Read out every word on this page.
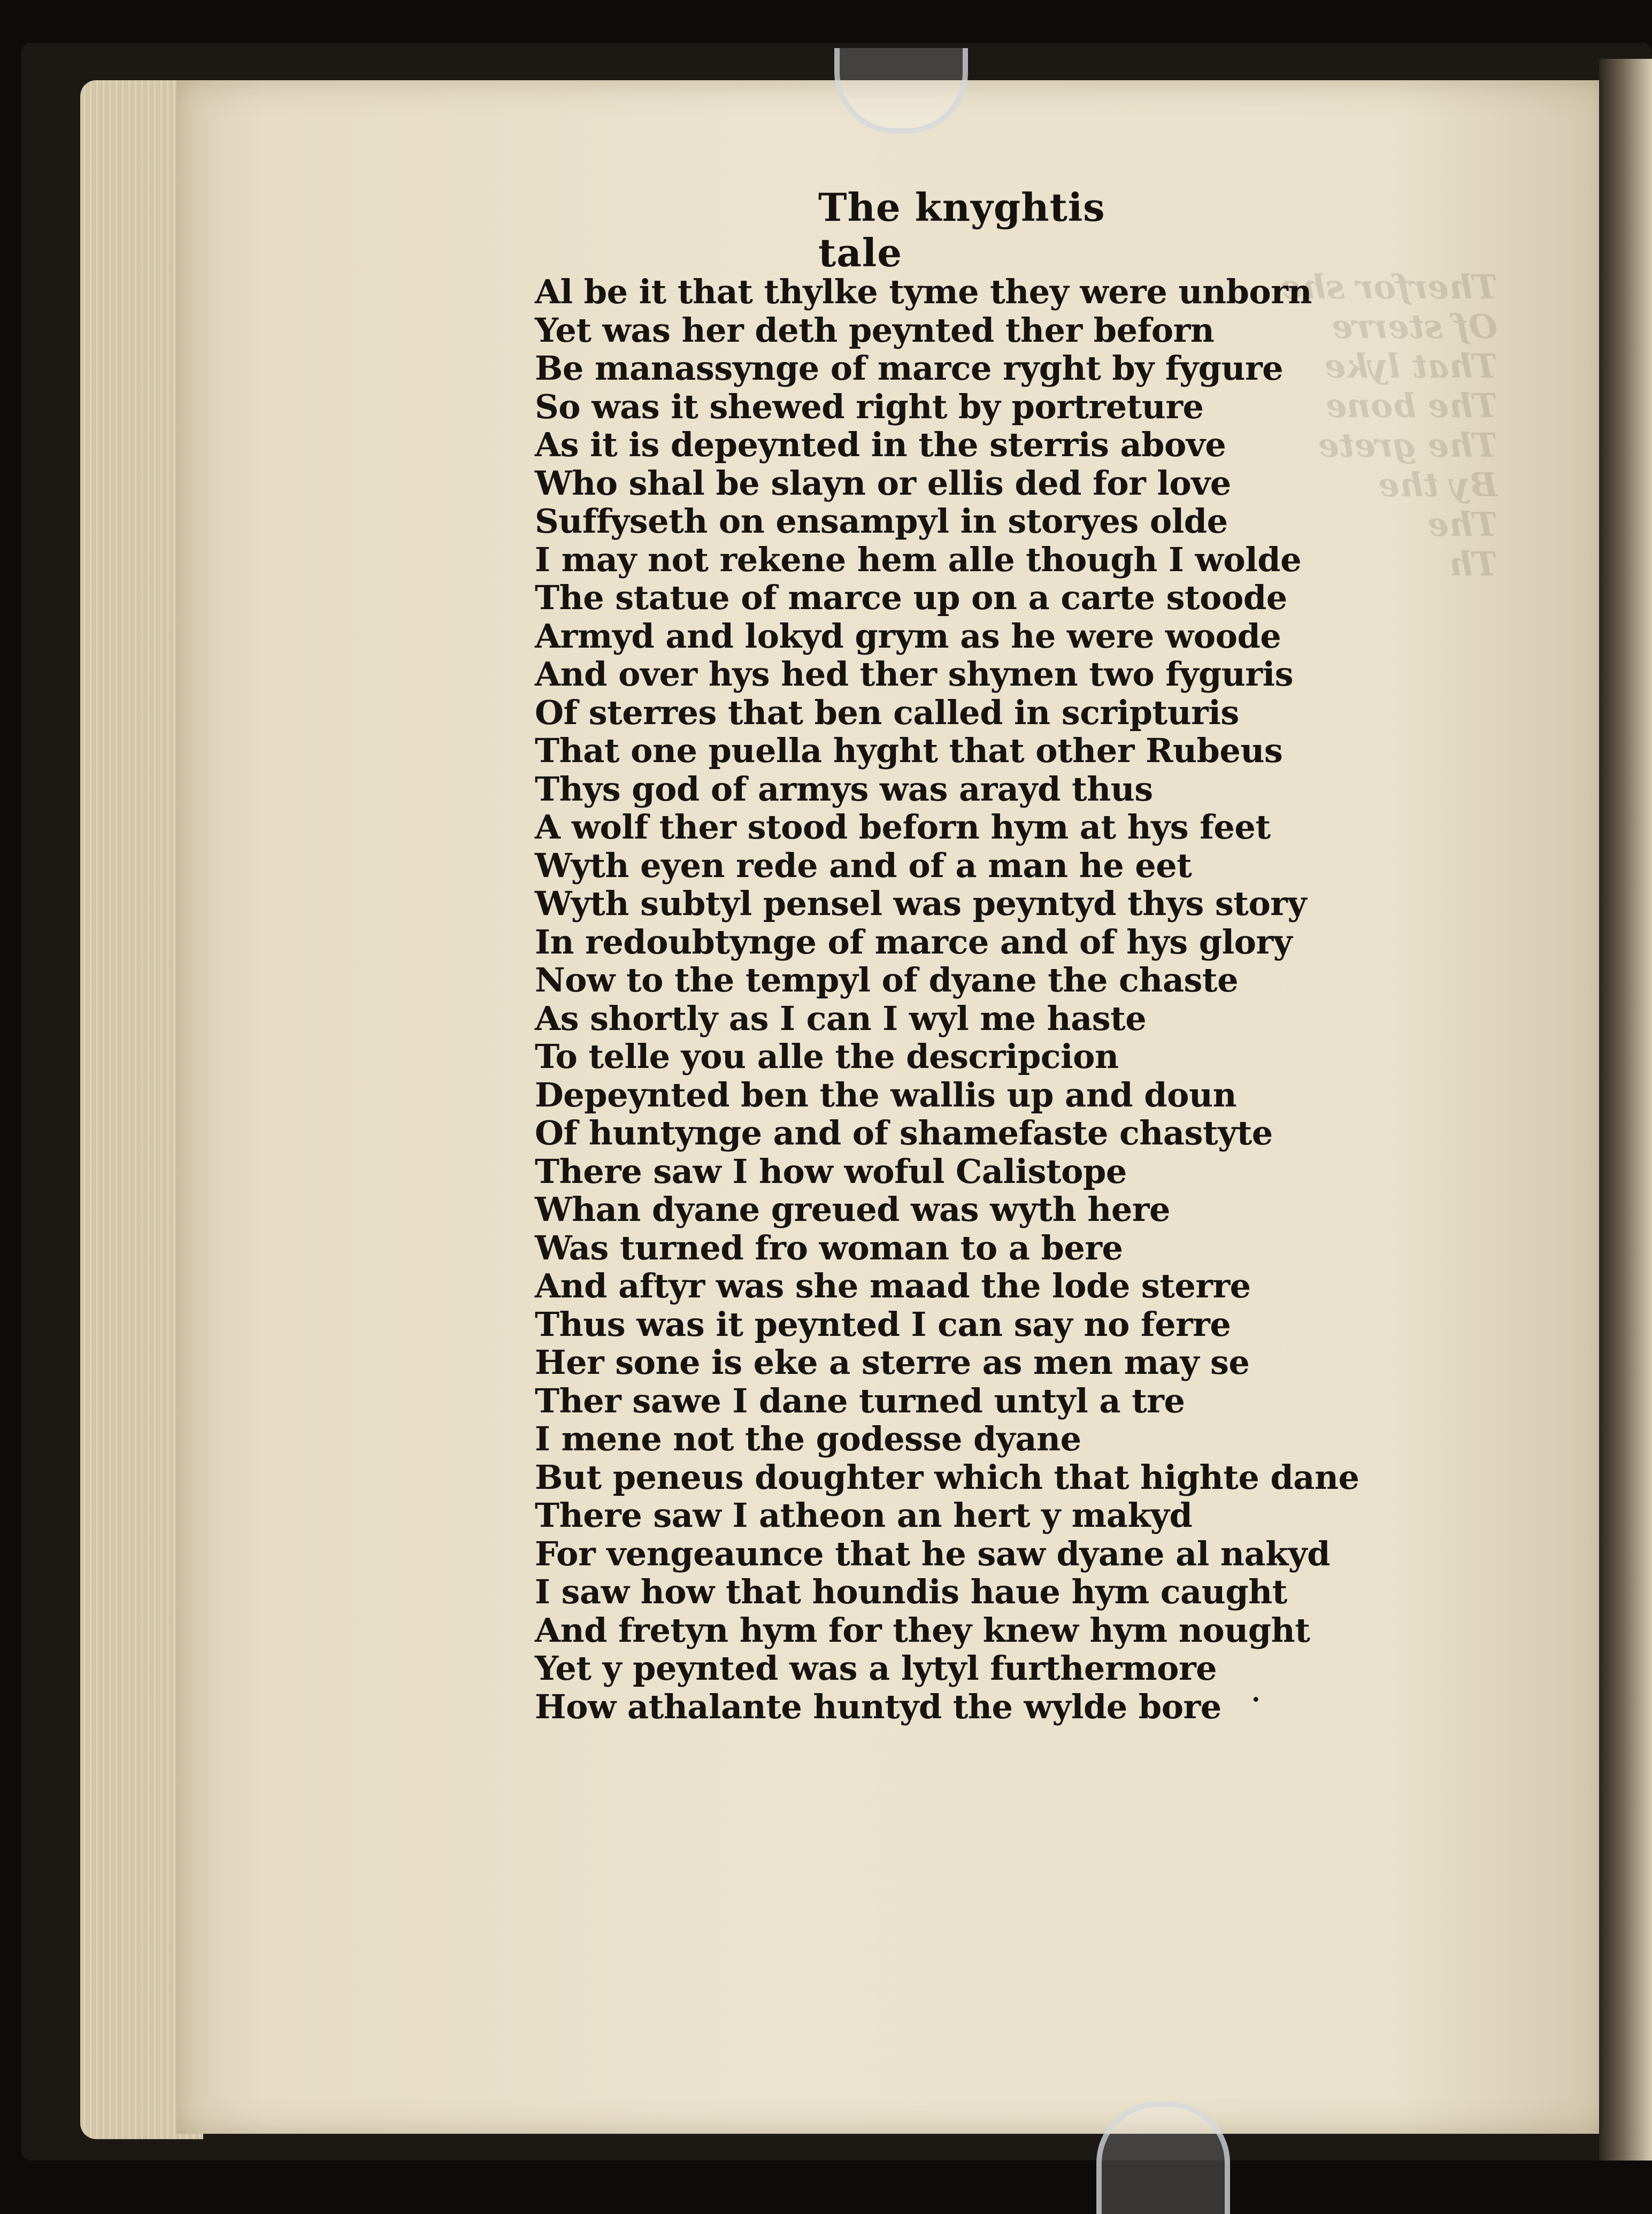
Therfor she
Of sterre
That lyke
The bone
The grete
By the
The
Th
The knyghtis tale
Al be it that thylke tyme they were unborn
Yet was her deth peynted ther beforn
Be manassynge of marce ryght by fygure
So was it shewed right by portreture
As it is depeynted in the sterris above
Who shal be slayn or ellis ded for love
Suffyseth on ensampyl in storyes olde
I may not rekene hem alle though I wolde
The statue of marce up on a carte stoode
Armyd and lokyd grym as he were woode
And over hys hed ther shynen two fyguris
Of sterres that ben called in scripturis
That one puella hyght that other Rubeus
Thys god of armys was arayd thus
A wolf ther stood beforn hym at hys feet
Wyth eyen rede and of a man he eet
Wyth subtyl pensel was peyntyd thys story
In redoubtynge of marce and of hys glory
Now to the tempyl of dyane the chaste
As shortly as I can I wyl me haste
To telle you alle the descripcion
Depeynted ben the wallis up and doun
Of huntynge and of shamefaste chastyte
There saw I how woful Calistope
Whan dyane greued was wyth here
Was turned fro woman to a bere
And aftyr was she maad the lode sterre
Thus was it peynted I can say no ferre
Her sone is eke a sterre as men may se
Ther sawe I dane turned untyl a tre
I mene not the godesse dyane
But peneus doughter which that highte dane
There saw I atheon an hert y makyd
For vengeaunce that he saw dyane al nakyd
I saw how that houndis haue hym caught
And fretyn hym for they knew hym nought
Yet y peynted was a lytyl furthermore
How athalante huntyd the wylde bore	·
